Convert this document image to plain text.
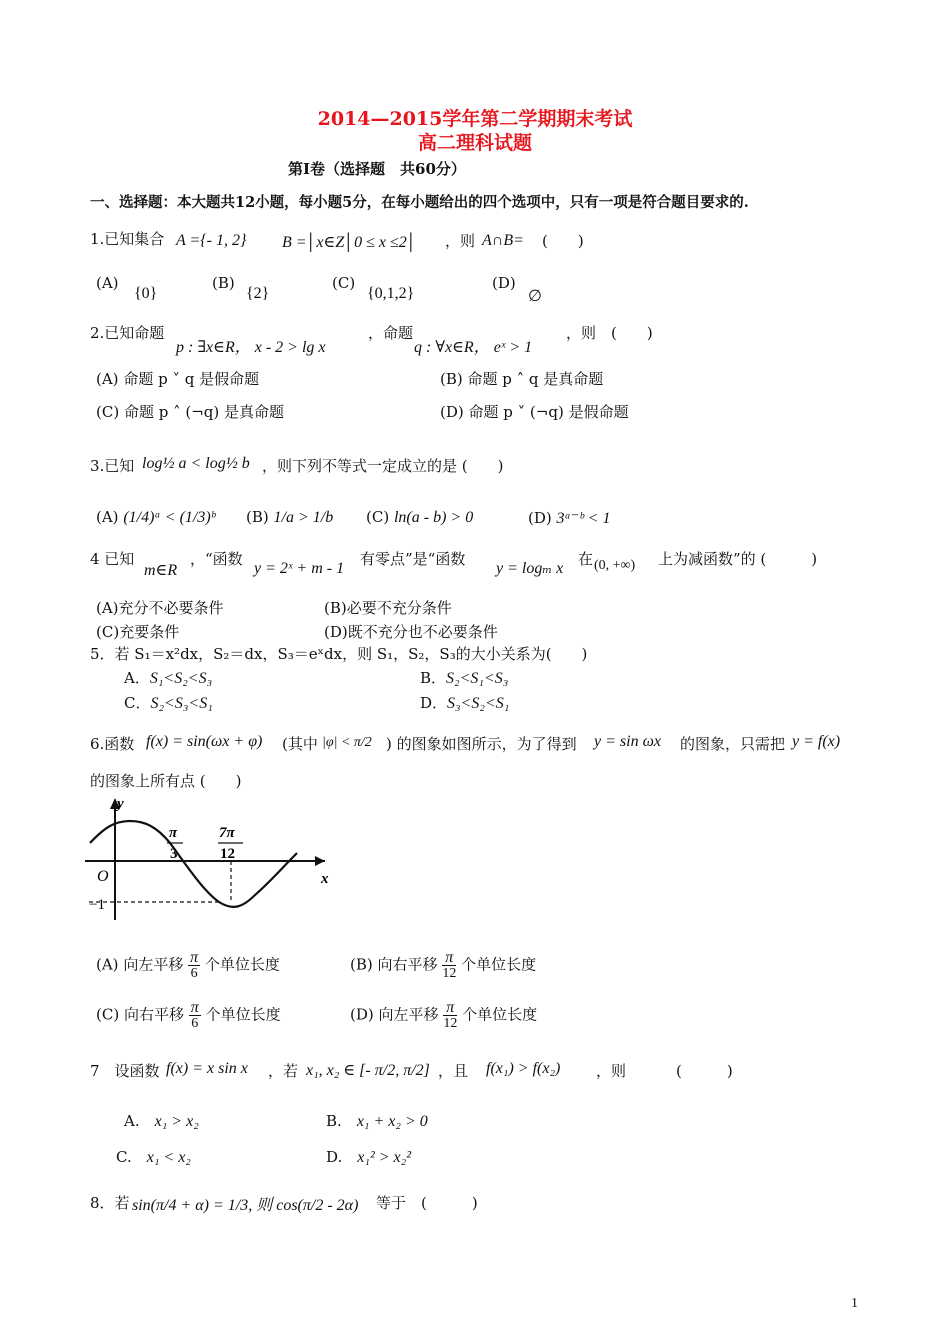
2014—2015学年第二学期期末考试
高二理科试题
第Ⅰ卷（选择题　共60分）
一、选择题：本大题共12小题，每小题5分，在每小题给出的四个选项中，只有一项是符合题目要求的.
1.已知集合 A ={- 1, 2} B =│x∈Z│0 ≤ x ≤2│ ，则 A∩B= (　　)
(A)
{0}
(B)
{2}
(C)
{0,1,2}
(D)
∅
2.已知命题
p : ∃x∈R， x - 2 > lg x
，命题
q : ∀x∈R， eˣ > 1
，则　(　　)
(A) 命题 p ˅ q 是假命题	(B) 命题 p ˄ q 是真命题
(C) 命题 p ˄ (¬q) 是真命题	(D) 命题 p ˅ (¬q) 是假命题
3.已知 log½ a < log½ b ，则下列不等式一定成立的是 (　　)
(A) (1/4)ᵃ < (1/3)ᵇ (B) 1/a > 1/b (C) ln(a - b) > 0	(D) 3ᵃ⁻ᵇ < 1
4 已知
m∈R
，“函数
y = 2ˣ + m - 1
有零点”是“函数
y = logₘ x
在 (0, +∞) 上为减函数”的 (　　　)
(A)充分不必要条件	(B)必要不充分条件
(C)充要条件	(D)既不充分也不必要条件
5．若 S₁＝x²dx，S₂＝dx，S₃＝eˣdx，则 S₁，S₂，S₃的大小关系为(　　)
A．S₁<S₂<S₃	B．S₂<S₁<S₃
C．S₂<S₃<S₁	D．S₃<S₂<S₁
6.函数 f(x) = sin(ωx + φ) (其中 |φ| < π/2 ) 的图象如图所示，为了得到 y = sin ωx 的图象，只需把 y = f(x)
的图象上所有点 (　　)
y
x
O
−1
π
3
7π
12
(A) 向左平移 $\frac{\pi}{6}$ 个单位长度	(B) 向右平移 $\frac{\pi}{12}$ 个单位长度
(C) 向右平移 $\frac{\pi}{6}$ 个单位长度	(D) 向左平移 $\frac{\pi}{12}$ 个单位长度
7　设函数 f(x) = x sin x ，若 x₁, x₂ ∈ [- π/2, π/2] ，且 f(x₁) > f(x₂) ，则	(　　　)
A.　 x₁ > x₂	B.　 x₁ + x₂ > 0
C.　 x₁ < x₂	D.　 x₁² > x₂²
8．若 sin(π/4 + α) = 1/3, 则 cos(π/2 - 2α) 等于　(　　　)
1
